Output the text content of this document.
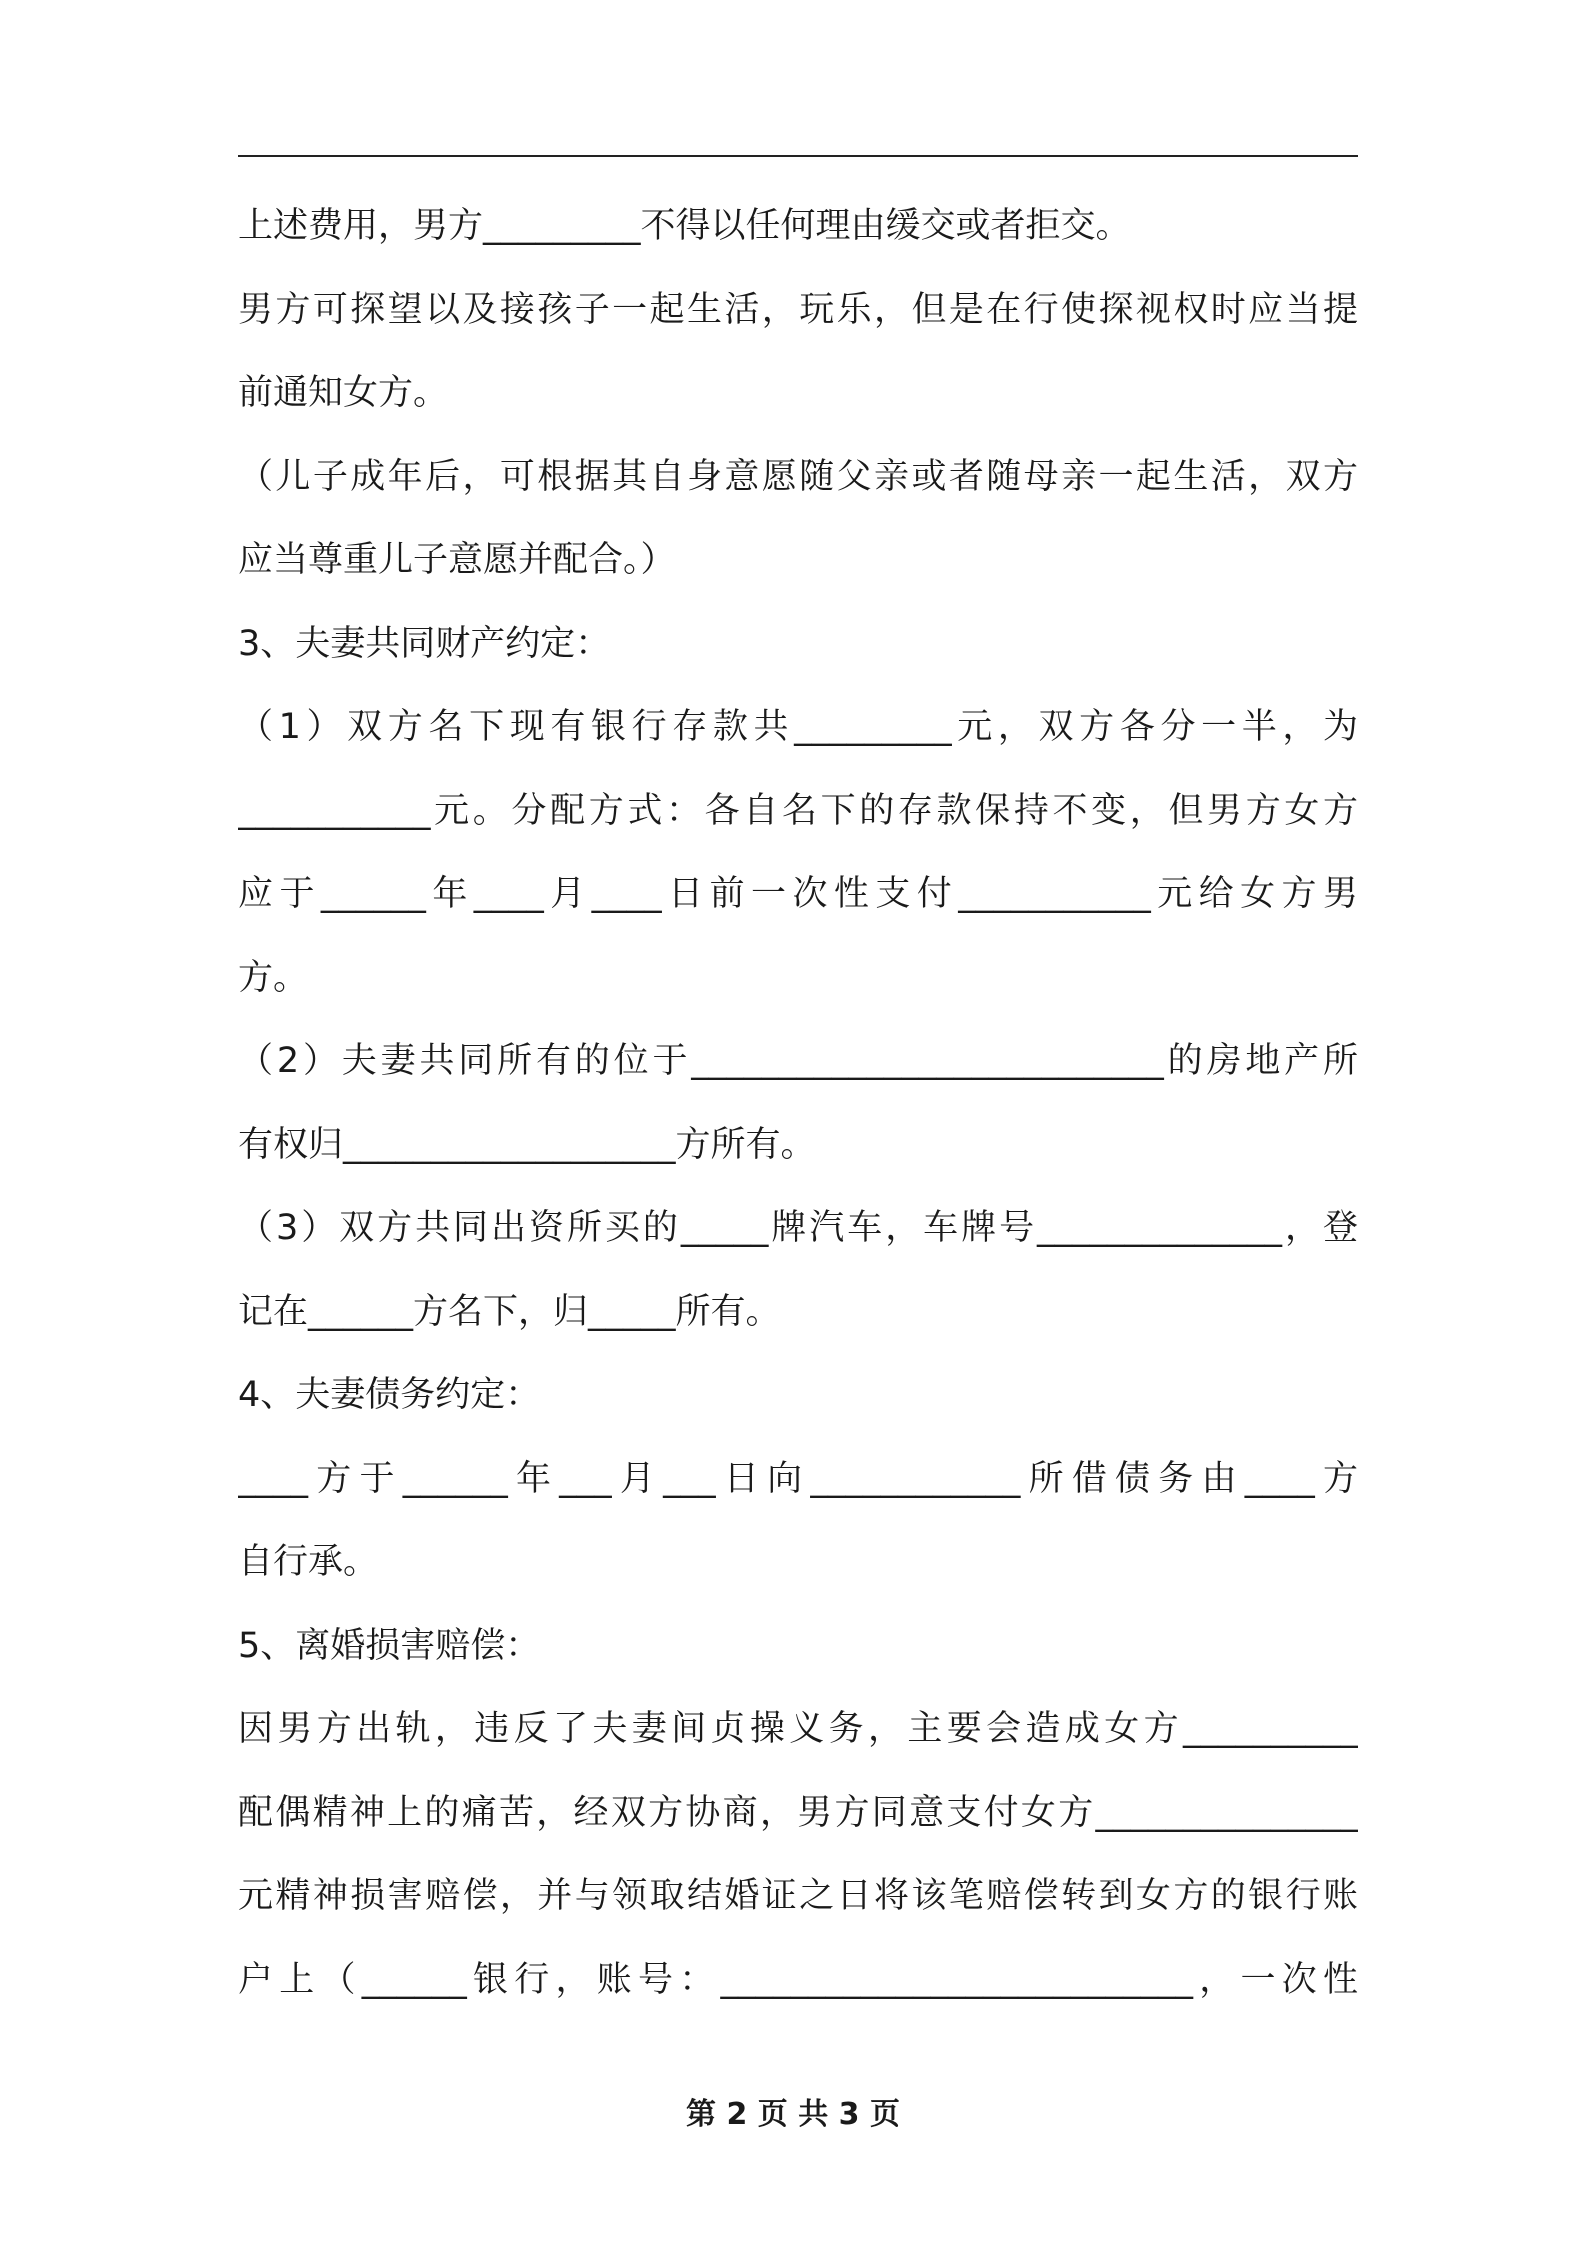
上述费用，男方_________不得以任何理由缓交或者拒交。
男方可探望以及接孩子一起生活，玩乐，但是在行使探视权时应当提
前通知女方。
（儿子成年后，可根据其自身意愿随父亲或者随母亲一起生活，双方
应当尊重儿子意愿并配合。）
3、夫妻共同财产约定：
（1）双方名下现有银行存款共_________元，双方各分一半，为
___________元。分配方式：各自名下的存款保持不变，但男方女方
应于______年____月____日前一次性支付___________元给女方男
方。
（2）夫妻共同所有的位于___________________________的房地产所
有权归___________________方所有。
（3）双方共同出资所买的_____牌汽车，车牌号______________，登
记在______方名下，归_____所有。
4、夫妻债务约定：
____方于______年___月___日向____________所借债务由____方
自行承。
5、离婚损害赔偿：
因男方出轨，违反了夫妻间贞操义务，主要会造成女方__________
配偶精神上的痛苦，经双方协商，男方同意支付女方_______________
元精神损害赔偿，并与领取结婚证之日将该笔赔偿转到女方的银行账
户上（______银行，账号：___________________________，一次性
第 2 页 共 3 页
